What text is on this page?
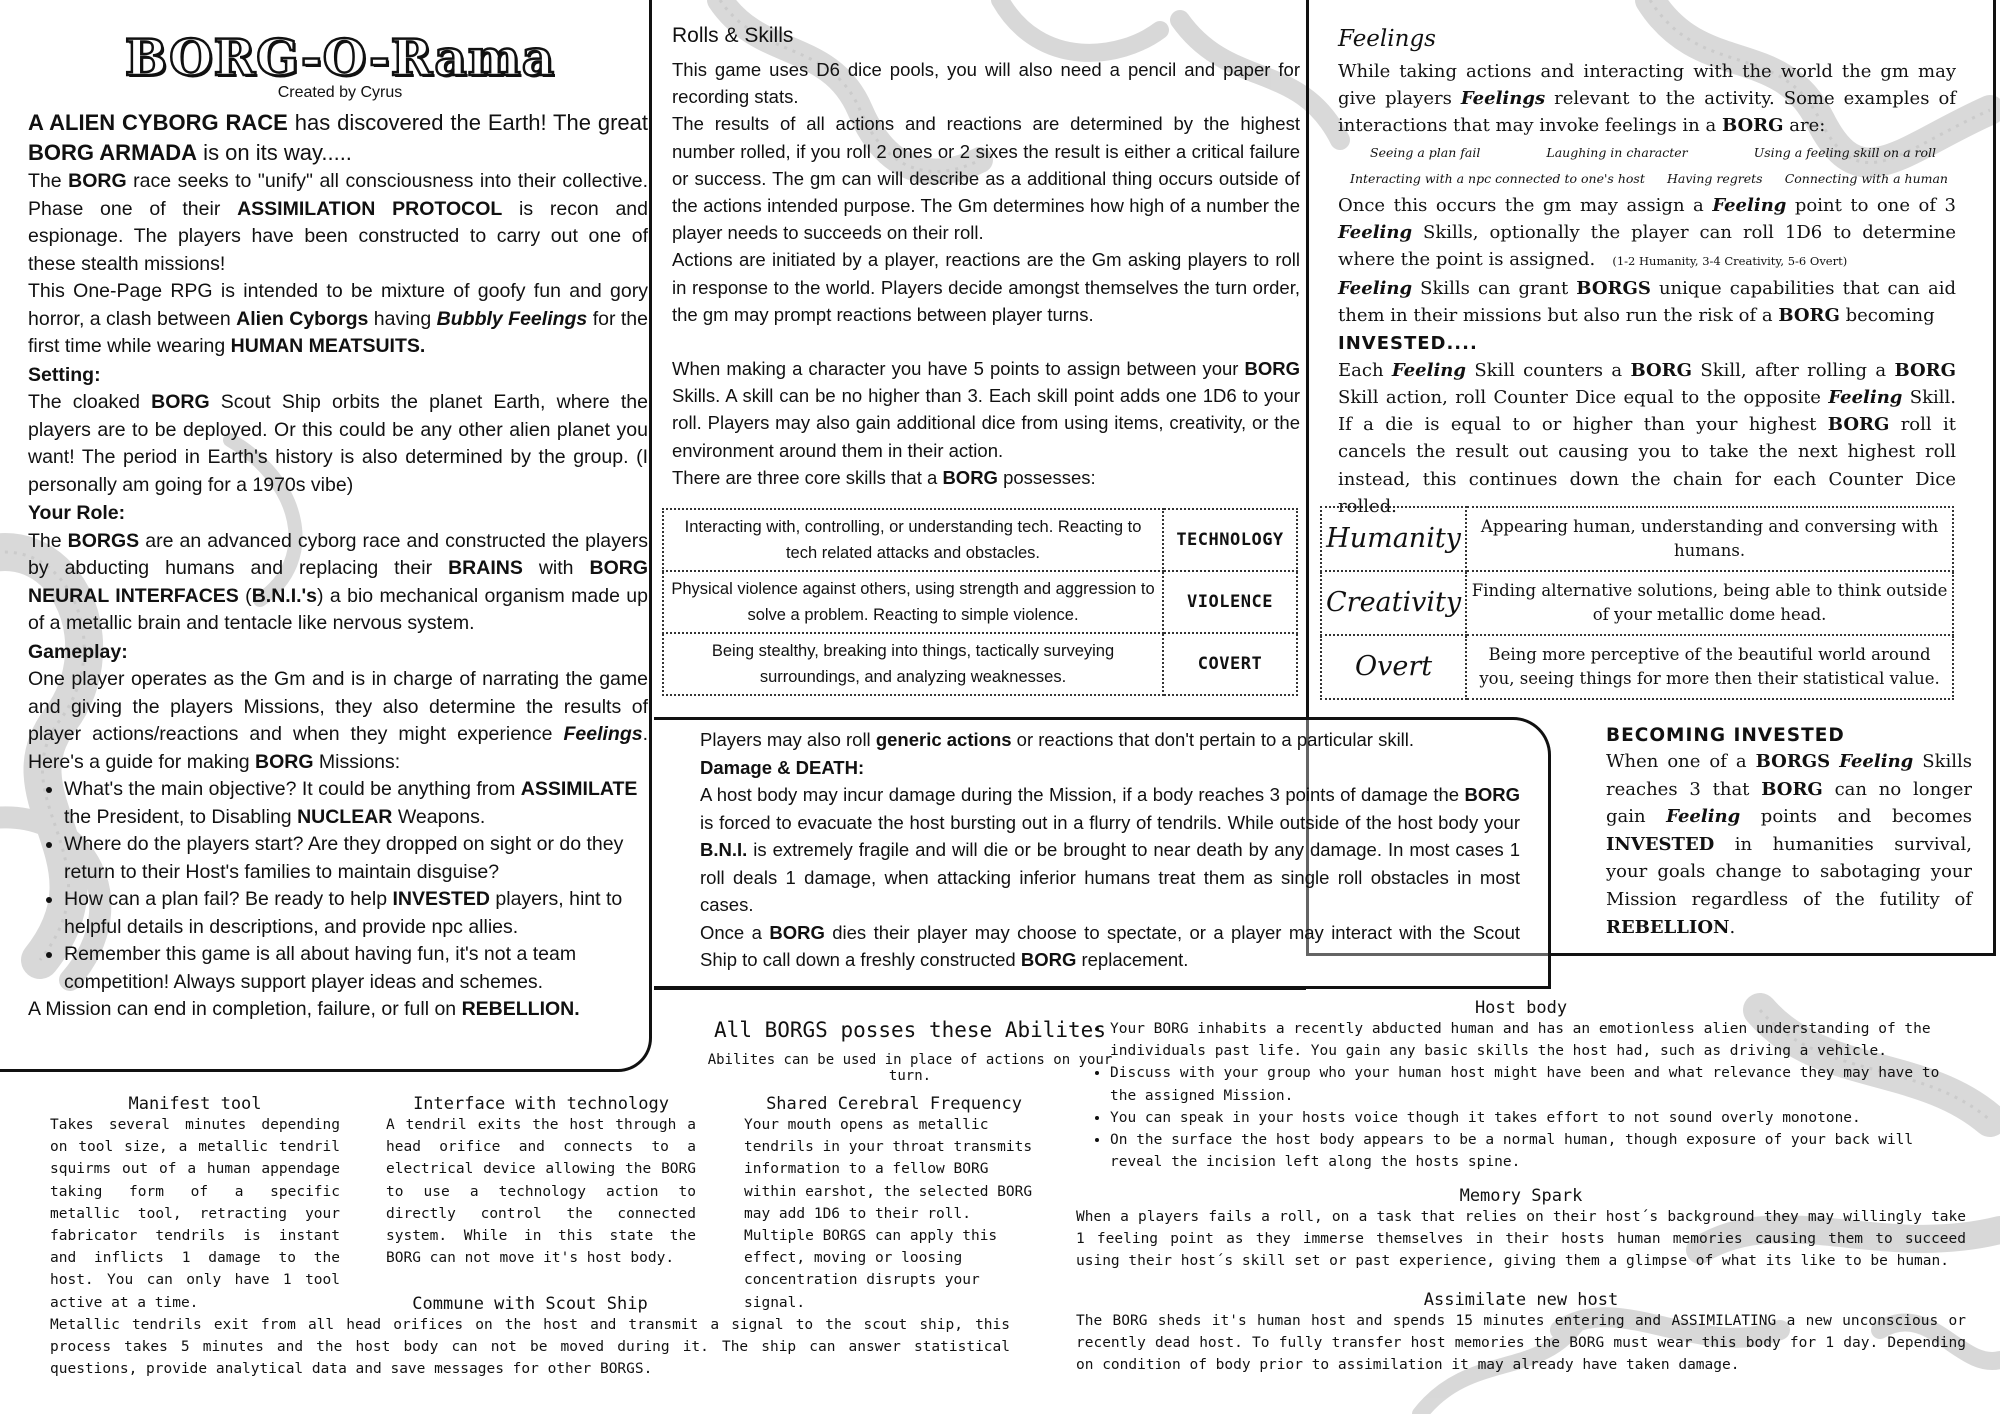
BORG-O-Rama
Created by Cyrus

A ALIEN CYBORG RACE has discovered the Earth! The great BORG ARMADA is on its way.....

The BORG race seeks to "unify" all consciousness into their collective. Phase one of their ASSIMILATION PROTOCOL is recon and espionage. The players have been constructed to carry out one of these stealth missions!

This One-Page RPG is intended to be mixture of goofy fun and gory horror, a clash between Alien Cyborgs having Bubbly Feelings for the first time while wearing HUMAN MEATSUITS.

Setting:

The cloaked BORG Scout Ship orbits the planet Earth, where the players are to be deployed. Or this could be any other alien planet you want! The period in Earth's history is also determined by the group. (I personally am going for a 1970s vibe)

Your Role:

The BORGS are an advanced cyborg race and constructed the players by abducting humans and replacing their BRAINS with BORG NEURAL INTERFACES (B.N.I.'s) a bio mechanical organism made up of a metallic brain and tentacle like nervous system.

Gameplay:

One player operates as the Gm and is in charge of narrating the game and giving the players Missions, they also determine the results of player actions/reactions and when they might experience Feelings. Here's a guide for making BORG Missions:

• What's the main objective? It could be anything from ASSIMILATE the President, to Disabling NUCLEAR Weapons.
• Where do the players start? Are they dropped on sight or do they return to their Host's families to maintain disguise?
• How can a plan fail? Be ready to help INVESTED players, hint to helpful details in descriptions, and provide npc allies.
• Remember this game is all about having fun, it's not a team competition! Always support player ideas and schemes.

A Mission can end in completion, failure, or full on REBELLION.

Rolls & Skills

This game uses D6 dice pools, you will also need a pencil and paper for recording stats.

The results of all actions and reactions are determined by the highest number rolled, if you roll 2 ones or 2 sixes the result is either a critical failure or success. The gm can will describe as a additional thing occurs outside of the actions intended purpose. The Gm determines how high of a number the player needs to succeeds on their roll.

Actions are initiated by a player, reactions are the Gm asking players to roll in response to the world. Players decide amongst themselves the turn order, the gm may prompt reactions between player turns.

When making a character you have 5 points to assign between your BORG Skills. A skill can be no higher than 3. Each skill point adds one 1D6 to your roll. Players may also gain additional dice from using items, creativity, or the environment around them in their action.

There are three core skills that a BORG possesses:

Interacting with, controlling, or understanding tech. Reacting to tech related attacks and obstacles.	TECHNOLOGY
Physical violence against others, using strength and aggression to solve a problem. Reacting to simple violence.	VIOLENCE
Being stealthy, breaking into things, tactically surveying surroundings, and analyzing weaknesses.	COVERT

Players may also roll generic actions or reactions that don't pertain to a particular skill.

Damage & DEATH:

A host body may incur damage during the Mission, if a body reaches 3 points of damage the BORG is forced to evacuate the host bursting out in a flurry of tendrils. While outside of the host body your B.N.I. is extremely fragile and will die or be brought to near death by any damage. In most cases 1 roll deals 1 damage, when attacking inferior humans treat them as single roll obstacles in most cases.

Once a BORG dies their player may choose to spectate, or a player may interact with the Scout Ship to call down a freshly constructed BORG replacement.

Feelings

While taking actions and interacting with the world the gm may give players Feelings relevant to the activity. Some examples of interactions that may invoke feelings in a BORG are:

Seeing a plan fail	Laughing in character	Using a feeling skill on a roll
Interacting with a npc connected to one's host Having regrets Connecting with a human

Once this occurs the gm may assign a Feeling point to one of 3 Feeling Skills, optionally the player can roll 1D6 to determine where the point is assigned. (1-2 Humanity, 3-4 Creativity, 5-6 Overt)

Feeling Skills can grant BORGS unique capabilities that can aid them in their missions but also run the risk of a BORG becoming

INVESTED....

Each Feeling Skill counters a BORG Skill, after rolling a BORG Skill action, roll Counter Dice equal to the opposite Feeling Skill. If a die is equal to or higher than your highest BORG roll it cancels the result out causing you to take the next highest roll instead, this continues down the chain for each Counter Dice rolled.

Humanity	Appearing human, understanding and conversing with humans.
Creativity	Finding alternative solutions, being able to think outside of your metallic dome head.
Overt	Being more perceptive of the beautiful world around you, seeing things for more then their statistical value.

BECOMING INVESTED

When one of a BORGS Feeling Skills reaches 3 that BORG can no longer gain Feeling points and becomes INVESTED in humanities survival, your goals change to sabotaging your Mission regardless of the futility of REBELLION.

All BORGS posses these Abilites
Abilites can be used in place of actions on your turn.
Manifest tool
Takes several minutes depending on tool size, a metallic tendril squirms out of a human appendage taking form of a specific metallic tool, retracting your fabricator tendrils is instant and inflicts 1 damage to the host. You can only have 1 tool active at a time.
Interface with technology
A tendril exits the host through a head orifice and connects to a electrical device allowing the BORG to use a technology action to directly control the connected system. While in this state the BORG can not move it's host body.
Shared Cerebral Frequency
Your mouth opens as metallic tendrils in your throat transmits information to a fellow BORG within earshot, the selected BORG may add 1D6 to their roll. Multiple BORGS can apply this effect, moving or loosing concentration disrupts your signal.
Commune with Scout Ship
Metallic tendrils exit from all head orifices on the host and transmit a signal to the scout ship, this process takes 5 minutes and the host body can not be moved during it. The ship can answer statistical questions, provide analytical data and save messages for other BORGS.
Host body
• Your BORG inhabits a recently abducted human and has an emotionless alien understanding of the individuals past life. You gain any basic skills the host had, such as driving a vehicle.
• Discuss with your group who your human host might have been and what relevance they may have to the assigned Mission.
• You can speak in your hosts voice though it takes effort to not sound overly monotone.
• On the surface the host body appears to be a normal human, though exposure of your back will reveal the incision left along the hosts spine.
Memory Spark
When a players fails a roll, on a task that relies on their host´s background they may willingly take 1 feeling point as they immerse themselves in their hosts human memories causing them to succeed using their host´s skill set or past experience, giving them a glimpse of what its like to be human.
Assimilate new host
The BORG sheds it's human host and spends 15 minutes entering and ASSIMILATING a new unconscious or recently dead host. To fully transfer host memories the BORG must wear this body for 1 day. Depending on condition of body prior to assimilation it may already have taken damage.
